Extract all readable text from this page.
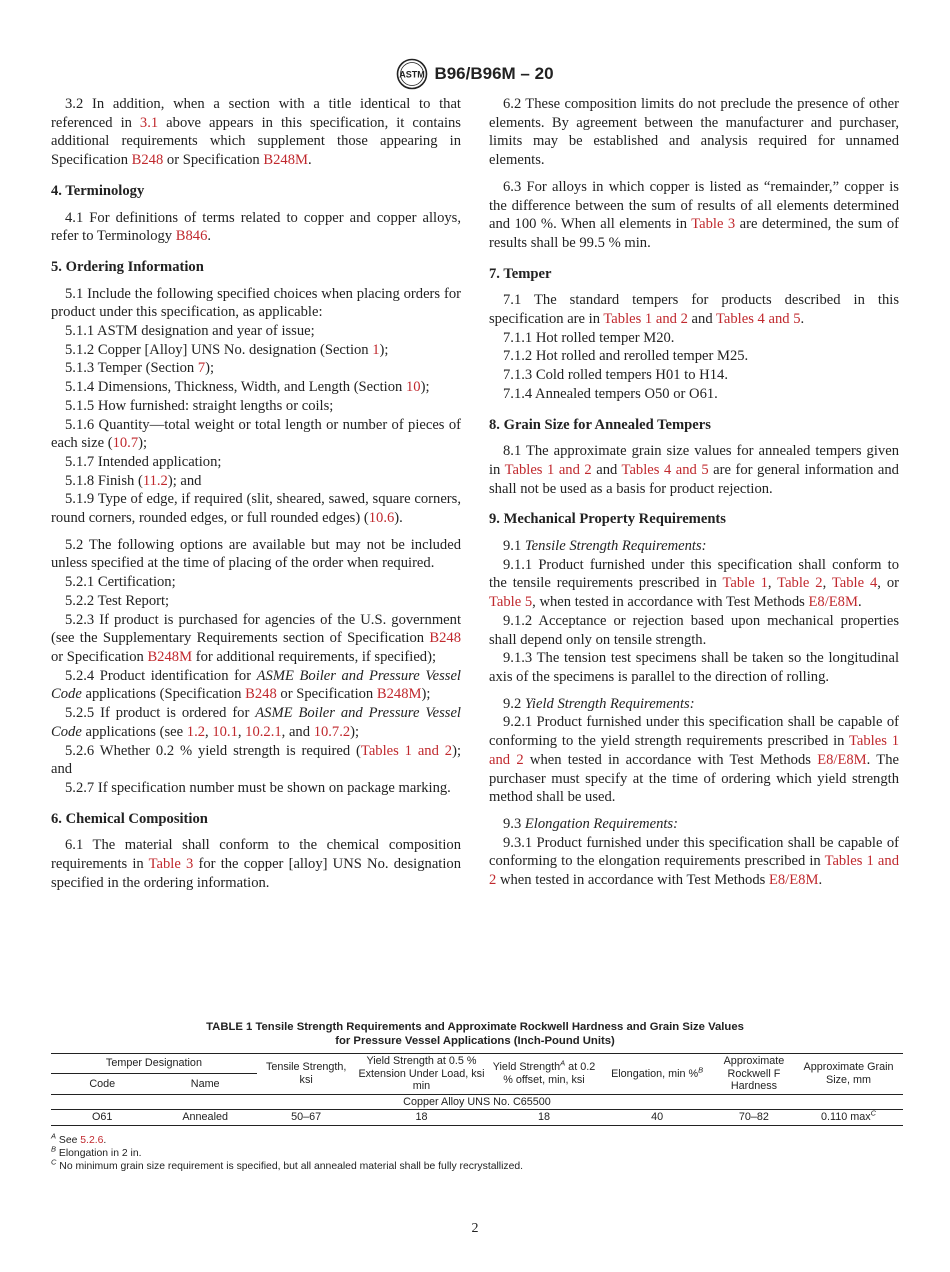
ASTM B96/B96M – 20

3.2 In addition, when a section with a title identical to that referenced in 3.1 above appears in this specification, it contains additional requirements which supplement those appearing in Specification B248 or Specification B248M.

4. Terminology

4.1 For definitions of terms related to copper and copper alloys, refer to Terminology B846.

5. Ordering Information

5.1 Include the following specified choices when placing orders for product under this specification, as applicable:

5.1.1 ASTM designation and year of issue;

5.1.2 Copper [Alloy] UNS No. designation (Section 1);

5.1.3 Temper (Section 7);

5.1.4 Dimensions, Thickness, Width, and Length (Section 10);

5.1.5 How furnished: straight lengths or coils;

5.1.6 Quantity—total weight or total length or number of pieces of each size (10.7);

5.1.7 Intended application;

5.1.8 Finish (11.2); and

5.1.9 Type of edge, if required (slit, sheared, sawed, square corners, round corners, rounded edges, or full rounded edges) (10.6).

5.2 The following options are available but may not be included unless specified at the time of placing of the order when required.

5.2.1 Certification;

5.2.2 Test Report;

5.2.3 If product is purchased for agencies of the U.S. government (see the Supplementary Requirements section of Specification B248 or Specification B248M for additional requirements, if specified);

5.2.4 Product identification for ASME Boiler and Pressure Vessel Code applications (Specification B248 or Specification B248M);

5.2.5 If product is ordered for ASME Boiler and Pressure Vessel Code applications (see 1.2, 10.1, 10.2.1, and 10.7.2);

5.2.6 Whether 0.2 % yield strength is required (Tables 1 and 2); and

5.2.7 If specification number must be shown on package marking.

6. Chemical Composition

6.1 The material shall conform to the chemical composition requirements in Table 3 for the copper [alloy] UNS No. designation specified in the ordering information.

6.2 These composition limits do not preclude the presence of other elements. By agreement between the manufacturer and purchaser, limits may be established and analysis required for unnamed elements.

6.3 For alloys in which copper is listed as “remainder,” copper is the difference between the sum of results of all elements determined and 100 %. When all elements in Table 3 are determined, the sum of results shall be 99.5 % min.

7. Temper

7.1 The standard tempers for products described in this specification are in Tables 1 and 2 and Tables 4 and 5.

7.1.1 Hot rolled temper M20.

7.1.2 Hot rolled and rerolled temper M25.

7.1.3 Cold rolled tempers H01 to H14.

7.1.4 Annealed tempers O50 or O61.

8. Grain Size for Annealed Tempers

8.1 The approximate grain size values for annealed tempers given in Tables 1 and 2 and Tables 4 and 5 are for general information and shall not be used as a basis for product rejection.

9. Mechanical Property Requirements

9.1 Tensile Strength Requirements:

9.1.1 Product furnished under this specification shall conform to the tensile requirements prescribed in Table 1, Table 2, Table 4, or Table 5, when tested in accordance with Test Methods E8/E8M.

9.1.2 Acceptance or rejection based upon mechanical properties shall depend only on tensile strength.

9.1.3 The tension test specimens shall be taken so the longitudinal axis of the specimens is parallel to the direction of rolling.

9.2 Yield Strength Requirements:

9.2.1 Product furnished under this specification shall be capable of conforming to the yield strength requirements prescribed in Tables 1 and 2 when tested in accordance with Test Methods E8/E8M. The purchaser must specify at the time of ordering which yield strength method shall be used.

9.3 Elongation Requirements:

9.3.1 Product furnished under this specification shall be capable of conforming to the elongation requirements prescribed in Tables 1 and 2 when tested in accordance with Test Methods E8/E8M.

TABLE 1 Tensile Strength Requirements and Approximate Rockwell Hardness and Grain Size Values
for Pressure Vessel Applications (Inch-Pound Units)
Temper Designation		Tensile Strength, ksi	Yield Strength at 0.5 % Extension Under Load, ksi min	Yield Strength$^A$ at 0.2 % offset, min, ksi	Elongation, min %$^B$	Approximate Rockwell F Hardness	Approximate Grain Size, mm
Code	Name						
Copper Alloy UNS No. C65500							
O61	Annealed	50–67	18	18	40	70–82	0.110 $\max^C$

$^A$ See 5.2.6.

$^B$ Elongation in 2 in.

$^C$ No minimum grain size requirement is specified, but all annealed material shall be fully recrystallized.

2
